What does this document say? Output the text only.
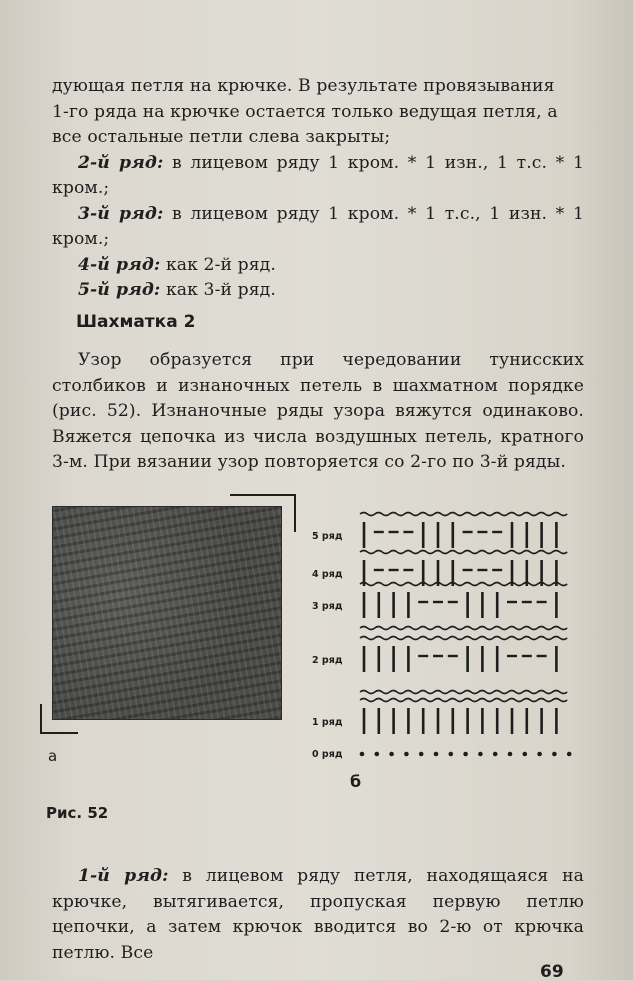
дующая петля на крючке. В результате провязывания
1-го ряда на крючке остается только ведущая петля, а
все остальные петли слева закрыты;

2-й ряд: в лицевом ряду 1 кром. * 1 изн., 1 т.с. * 1 кром.;

3-й ряд: в лицевом ряду 1 кром. * 1 т.с., 1 изн. * 1 кром.;

4-й ряд: как 2-й ряд.

5-й ряд: как 3-й ряд.

Шахматка 2

Узор образуется при чередовании тунисских столбиков и изнаночных петель в шахматном порядке (рис. 52). Изнаночные ряды узора вяжутся одинаково. Вяжется цепочка из числа воздушных петель, кратного 3-м. При вязании узор повторяется со 2-го по 3-й ряды.

а
5 ряд
4 ряд
3 ряд
2 ряд
1 ряд
0 ряд
б
Рис. 52

1-й ряд: в лицевом ряду петля, находящаяся на крючке, вытягивается, пропуская первую петлю цепочки, а затем крючок вводится во 2-ю от крючка петлю. Все

69
